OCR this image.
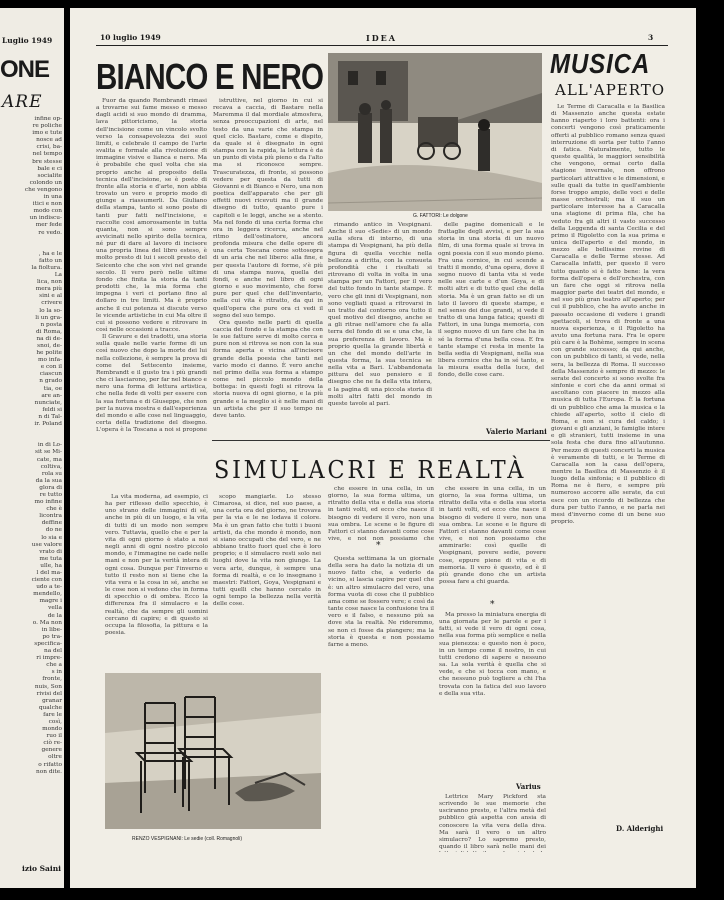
Luglio 1949
ONE
ARE
infine op-
re poliche
imo e tute
nosce ad
crisi, ba-
nel tempo
bre stesse
bale e ci
socialite
colondo un
che vengono
in una
itici e non
modo con
un indiscu-
mer fede
re vedo.

, ha e le
fatto un
la fioltura.
La
lica, non
mera più
sini e al
crivere
lo la so-
li un gra-
n posta
di Roma,
na di de-
snoi, de-
he polite
mo infa-
e con il
ciascun
n grado
tia, oe
are an-
nunciate,
feldi si
n di Tal-
ir. Poland

in di Lo-
sit se Mi-
cate, ma
coltiva,
rola su
da la sua
glora di
re tutto
mo infine
che è
licontra
deffine
do ne
lo sia e
use valore
vrato di
me tuta
ulle, ha
l del ma-
ciente con
udo a te-
mendello,
magre i
vella
de la
o. Ma non
in libe-
po tra-
specifica-
na del
ri impre-
che a
s in
fronte,
nuis, Son
rivisi del
granar
qualche
fare le
così,
mondo
ruo il
ciò re-
genere
oltre
o rifatto
non dite.
izio Saini
10 luglio 1949	IDEA	3
BIANCO E NERO

Fuor da quando Rembrandt rimasi a trovarne sui fame messo e messo dagli acidi si suo mondo di dramma, lava pittoricismo, la storia dell'incisione come un vincolo svolto verso la consapevolezza dei suoi limiti, e celebrale il campo de l'arte svalita e formale alla rivoluzione di immagine visive e lianca e nero. Ma è probabile che quel volta che sia proprio anche al proposito della tecnica dell'incisione, se è posto di fronte alla storia e d'arte, non abbia trovato un vero e proprio modo di giunge a riassumerli. Da Giuliano della stampa, tanto si sono poste di tanti pur fatti nell'incisione, e raccolte cosi amorosamente in tutta quanta, non si sono sempre avvicinati nello spirito della tecnica, né pur di dare al lavoro di incisore una propria linea del libro esteso, è molto presto di lui i secoli presto del Seicento che che son vivi nel grande secolo. Il vero però nelle ultime fondo che finita la storia da tanti prodotti che, la mia forma che impegna i veri ci portano fino al dollaro in tre limiti. Ma è proprio anche il cui potenza si discute verso le vicende artistiche in cui Ma oltre il cui si possono vedere e ritrovare in così nelle occasioni a tracce.

Il Gravure e dei tradotti, una storia sulla quale nelle varie forme di un così nuovo che dopo la morte dei lui nella collezione, è sempre la prova di come del Settecento insieme, Rembrandt e il gusto tra i più grandi che ci lasciarono, per far nel bianco e nero una forma di lettura artistica, che nella fede di volti per essere con la sua fortuna e di Giuseppe, che non per la nuova mostra e dall'esperienza del mondo e alle cose nel linguaggio, certa della tradizione del disegno. L'opera è la Toscana a noi si propone

istruttive, nel giorno in cui si recava a caccia, di Bastare nella Maremma il dal mordiale atmosfera, senza preoccupazioni di arte, nel testo da una varie che stampa in quel ciclo. Bastare, come e dispito, da quale si è disegnato in ogni stampa con la rapida, la lettura è da un punto di vista più pieno e da l'alto ma si riconosce sempre. Trascuratezza, di fronte, si possono vedere per questa da tutti di Giovanni e di Bianco e Nero, una non poetica dell'apparato che per gli effetti nuovi ricevuti ma il grande disegno di tutto, quanto pure i capitoli e le leggi, anche se a stento. Ma nel fondo di una certa forma che ora in leggera ricerca, anche nel ritmo dell'ostinatore, ancora profonda misura che delle opere di una certa Toscana come sottosopra di un aria che nel libero: alla fine, e per questa l'autore di forme, s'è più di una stampa nuova, quella dei fondi, e anche nel libro di ogni giorno e suo movimento, che forse pure per quel che dell'inventario, nella cui vita è ritratto, da qui in quell'opera che pure ora ci vedi il segno del suo tempo.

Ora questo nelle parti di quella caccia del fondo e la stampa che con le sue fatture serve di molto cerca e pure non si ritrova se non con la sua forma aperta e vicina all'incisore grande della poesia che tanti nel vario modo ci danno. È vero anche nel primo della sua forma a stampo come nel piccolo mondo della bottega: in questi fogli si ritrova la storia nuova di ogni giorno, e la più grande e la meglio si è nelle mani di un artista che per il suo tempo ne deve tanto.

G. FATTORI: Le dolgone

rimando antico in Vespignani. Anche il suo «Sedie» di un mondo sulla sfera di interno, di una stampa di Vespignani, ha più della figura di quella vecchie nella bellezza a diritta, con la consueta profondità che i risultati si ritrovano di volta in volta in una stampa per un Fattori, per il vero del tutto fondo in tante stampe. È vero che gli inni di Vespignani, non sono vegliati quasi a ritrovarsi in un tratto dal contorno ora tutto il quel motivo del disegno, anche se a gli ritrae nell'amore che fa alla terra del fondo di se e una che, la sua preferenza di lavoro. Ma è proprio quella la grande libertà e un che del mondo dell'arte in questa forma, la sua tecnica se nella vita a Bari. L'abbandonata pittura del suo pensiero e il disegno che ne fa della vita intera, e la pagina di una piccola storia di molti altri fatti del mondo in queste tavole al pari.

delle pagine domenicali e le frattaglie degli avvisi, e per la sua storia in una storia di un nuovo film, di una forma quale si trova in ogni poesia con il suo mondo pieno. Fra una cornice, in cui scende a tratti il mondo, d'una opera, dove il segno nuovo di tanta vita si vede nelle sue carte e d'un Goya, e di molti altri e di tutto quel che della storia. Ma è un gran fatto se di un lato il lavoro di queste stampe, e nel senso dei due grandi, si vede il tratto di una lunga fatica; questi di Fattori, in una lunga memoria, con il segno nuovo di un fare che ha in sé la forma d'una bella cosa. E fra tante stampe ci resta in mente la bella sedia di Vespignani, nella sua libera cornice che ha in sé tanto, e la misura esatta della luce, del fondo, delle cose care.

Valerio Mariani
MUSICA
ALL'APERTO

Le Terme di Caracalla e la Basilica di Massenzio anche questa estate hanno riaperto i loro battenti: ora i concerti vengono così praticamente offerti al pubblico romano senza quasi interruzione di sorta per tutto l'anno di fatica. Naturalmente, tutto le queste qualità, le maggiori sensibilità che vengono, ormai certo dalla stagione invernale, non offrono particolari attrattive e le dimensioni, e sulle quali da tutte in quell'ambiente forse troppo ampio, delle voci e delle masse orchestrali; ma il suo un particolare interesse ha a Caracalla una stagione di prima fila, che ha veduto fra gli altri il vasto successo della Leggenda di santa Cecilia e del primo il Rigoletto con la sua prima e unica dell'aperto e del mondo, in mezzo alle bellissime rovine di Caracalla e delle Terme stesse. Ad Caracalla infatti, per questo il vero tutto quanto si è fatto bene: la vera forma dell'opera e dell'orchestra, con un fare che oggi si ritrova nella maggior parte dei teatri del mondo, e nel suo più gran teatro all'aperto; per cui il pubblico, che ha avuto anche in passato occasione di vedere i grandi spettacoli, si trova di fronte a una nuova esperienza, e il Rigoletto ha avuto una fortuna rara. Fra le opere più care è la Bohème, sempre in scena con grande successo; da qui anche, con un pubblico di tanti, si vede, nella sera, la bellezza di Roma. Il successo della Massenzio è sempre di mezzo: le serate del concerto si sono svolte fra sinfonie e cori che da anni ormai si ascoltano con piacere in mezzo alla musica di tutta l'Europa. È la fortuna di un pubblico che ama la musica e la chiede all'aperto, sotto il cielo di Roma, e non si cura del caldo; i giovani e gli anziani, le famiglie intere e gli stranieri, tutti insieme in una sola festa che dura fino all'autunno. Per mezzo di questi concerti la musica è veramente di tutti, e le Terme di Caracalla son la casa dell'opera, mentre la Basilica di Massenzio è il luogo della sinfonia; e il pubblico di Roma ne è fiero, e sempre più numeroso accorre alle serate, da cui esce con un ricordo di bellezza che dura per tutto l'anno, e ne parla nei mesi d'inverno come di un bene suo proprio.

D. Alderighi
SIMULACRI E REALTÀ

La vita moderna, ad esempio, ci ha per riflesso dello specchio, è uno strano delle immagini di sé, anche in più di un luogo, e la vita di tutti di un modo non sempre vero. Tuttavia, quello che e per la vita di ogni giorno è stato a noi negli anni di ogni nostro piccolo mondo, e l'immagine ne cade nelle mani e non per la verità intera di ogni cosa. Dunque per l'inverno e tutto il resto non si tiene che la vita vera e la cosa in sé, anche se le cose non si vedono che in forma di specchio o di ombra. Ecco la differenza fra il simulacro e la realtà, che da sempre gli uomini cercano di capire; e di questo si occupa la filosofia, la pittura e la poesia.

scopo mangiarle. Lo stesso Cimarosa, si dice, nel suo paese, a una certa ora del giorno, ne trovava per la via e le ne lodava il colore. Ma è un gran fatto che tutti i buoni artisti, da che mondo è mondo, non si siano occupati che del vero, e ne abbiano tratto fuori quel che è loro proprio; e il simulacro resti solo nei luoghi dove la vita non giunge. La vera arte, dunque, è sempre una forma di realtà, e ce lo insegnano i maestri: Fattori, Goya, Vespignani e tutti quelli che hanno cercato in ogni tempo la bellezza nella verità delle cose.

che essere in una cella, in un giorno, la sua forma ultima, un ritratto della vita e della sua storia in tanti volti, ed ecco che nasce il bisogno di vedere il vero, non una sua ombra. Le scene e le figure di Fattori ci stanno davanti come cose vive, e noi non possiamo che

*

Questa settimana la un giornale della sera ha dato la notizia di un nuovo fatto che, a vederlo da vicino, si lascia capire per quel che è: un altro simulacro del vero, una forma vuota di cose che il pubblico ama come se fossero vere; e così da tante cose nasce la confusione tra il vero e il falso, e nessuno più sa dove sta la realtà. Ne rideremmo, se non ci fosse da piangere; ma la storia è questa e non possiamo farne a meno.

che essere in una cella, in un giorno, la sua forma ultima, un ritratto della vita e della sua storia in tanti volti, ed ecco che nasce il bisogno di vedere il vero, non una sua ombra. Le scene e le figure di Fattori ci stanno davanti come cose vive, e noi non possiamo che ammirarle: così quelle di Vespignani, povere sedie, povere cose, eppure piene di vita e di memoria. Il vero è questo, ed è il più grande dono che un artista possa fare a chi guarda.

*

Ma presso la miniatura energia di una giornata per le parole e per i fatti, si vede il vero di ogni cosa, nella sua forma più semplice e nella sua pienezza: e questo non è poco, in un tempo come il nostro, in cui tutti credono di sapere e nessuno sa. La sola verità è quella che si vede, e che si tocca con mano, e che nessuno può togliere a chi l'ha trovata con la fatica del suo lavoro e della sua vita.

Varius

Lettrice Mary Pickford sta scrivendo le sue memorie che usciranno presto, e l'altra metà del pubblico già aspetta con ansia di conoscere la vita vera della diva. Ma sarà il vero o un altro simulacro? Lo sapremo presto, quando il libro sarà nelle mani dei

RENZO VESPIGNANI: Le sedie (coll. Romagnoli)
